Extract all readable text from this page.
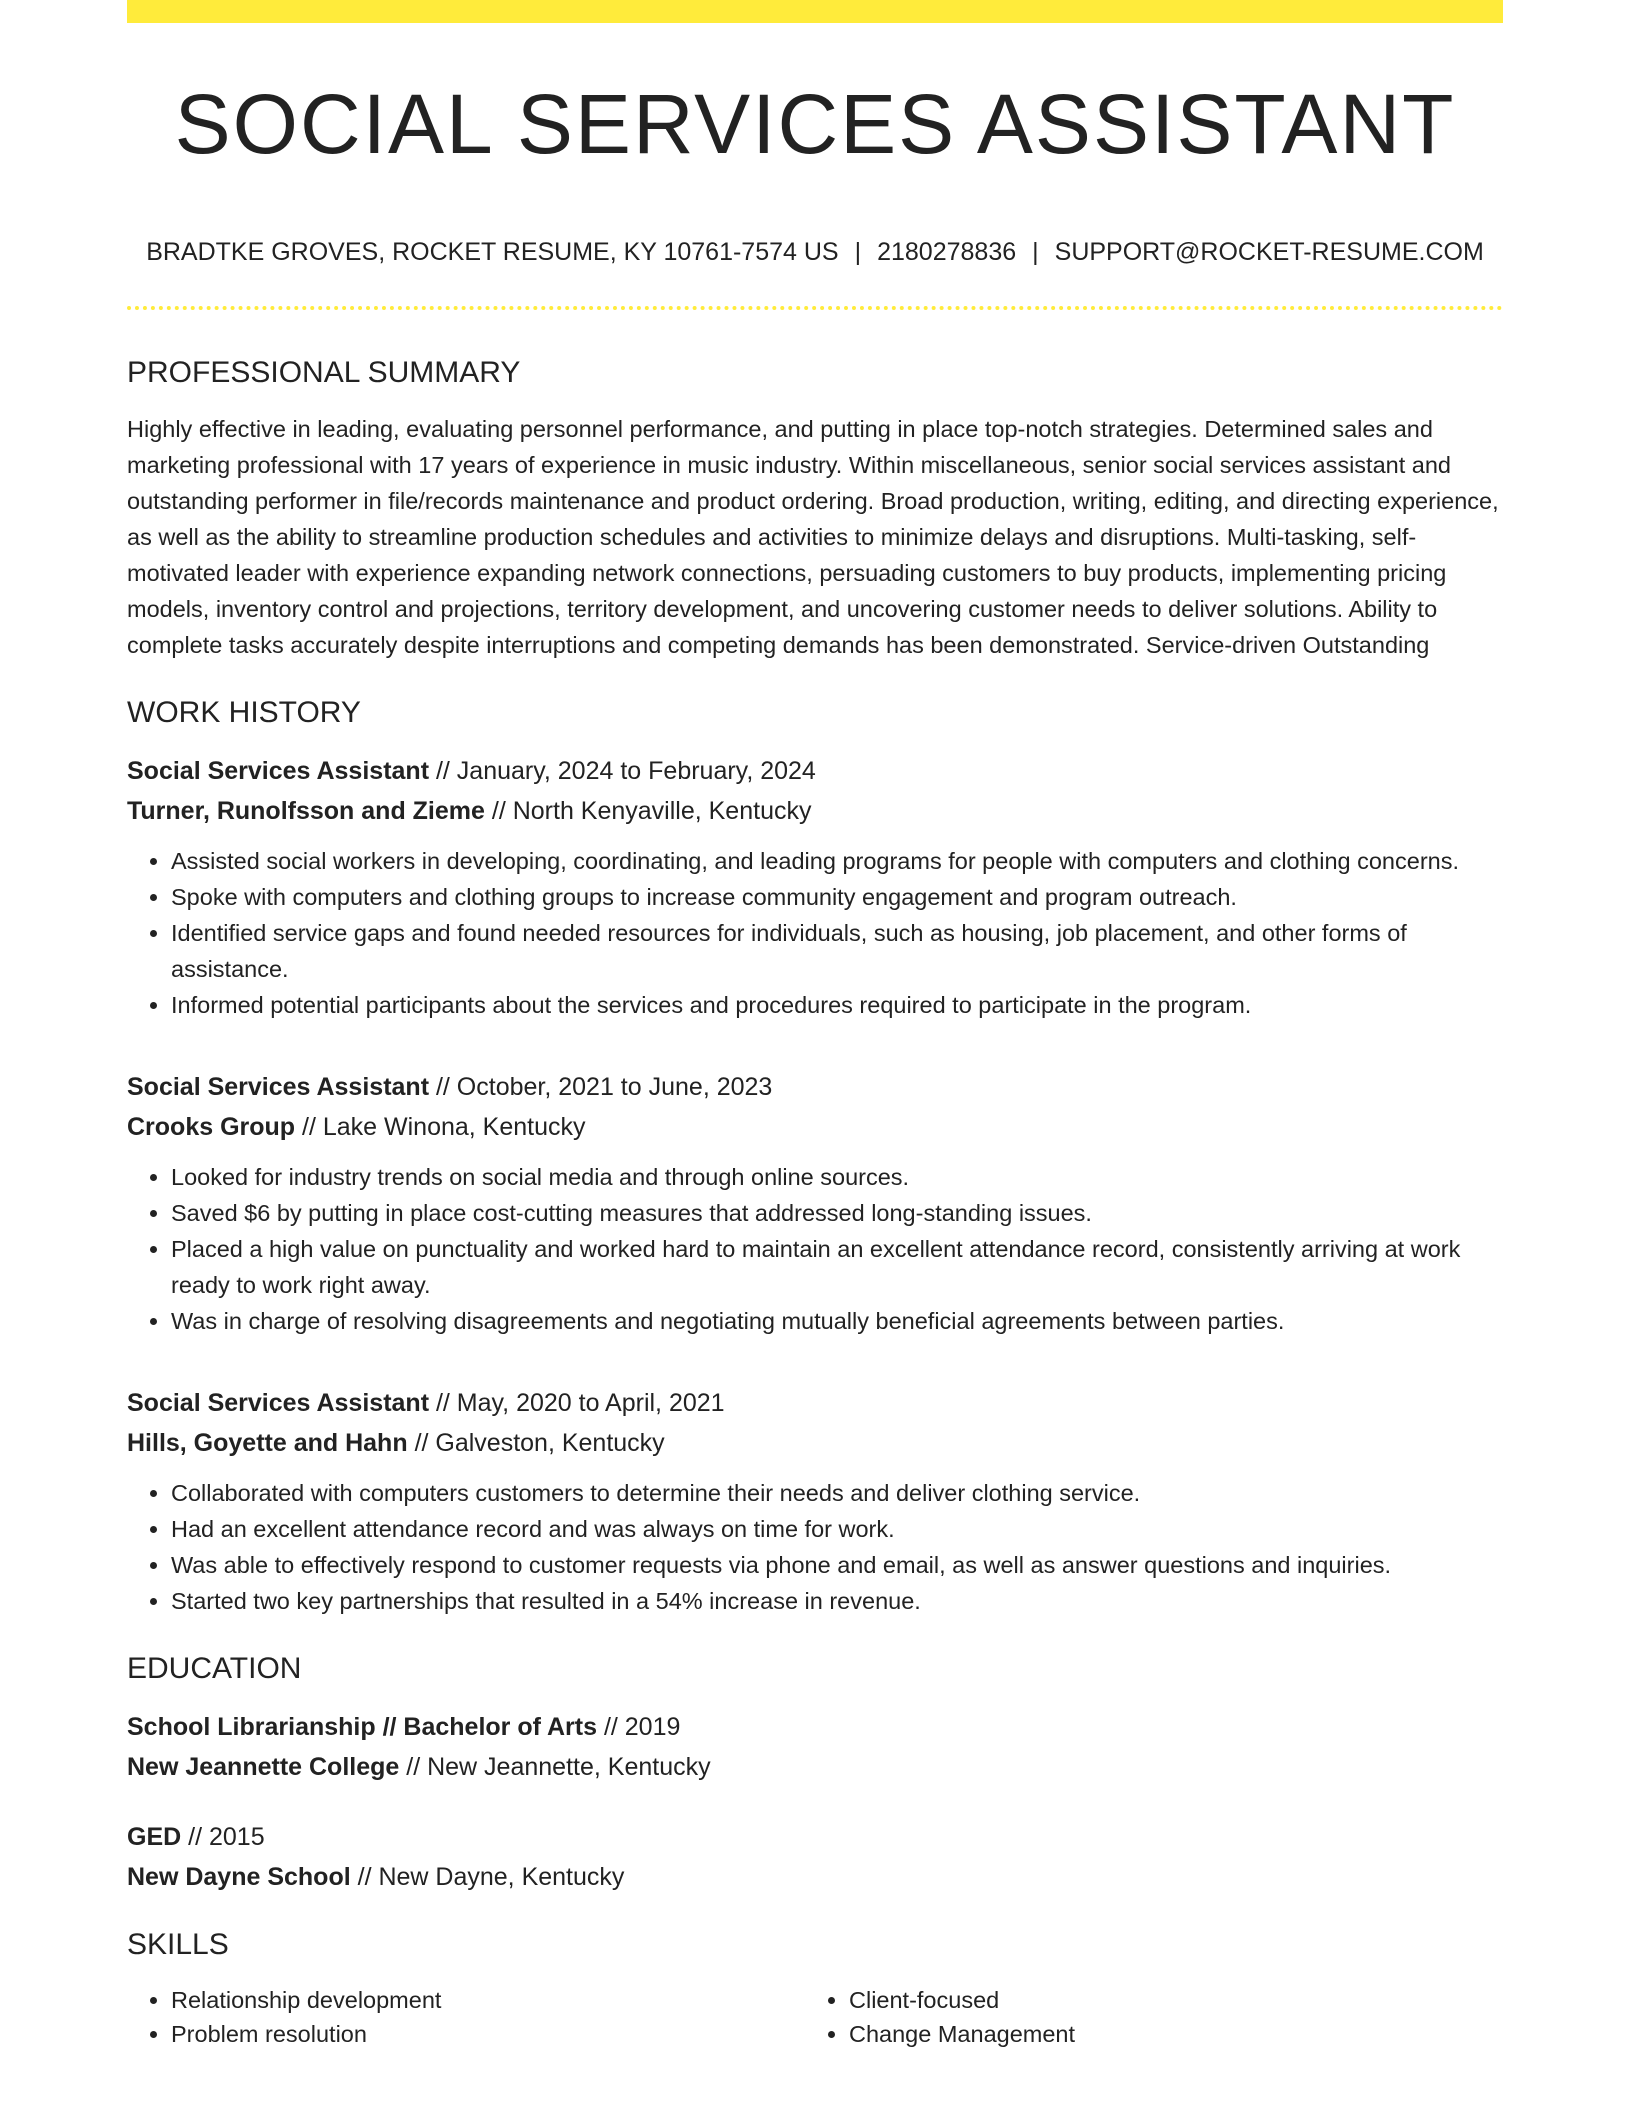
SOCIAL SERVICES ASSISTANT
BRADTKE GROVES, ROCKET RESUME, KY 10761-7574 US | 2180278836 | SUPPORT@ROCKET-RESUME.COM
PROFESSIONAL SUMMARY

Highly effective in leading, evaluating personnel performance, and putting in place top-notch strategies. Determined sales and marketing professional with 17 years of experience in music industry. Within miscellaneous, senior social services assistant and outstanding performer in file/records maintenance and product ordering. Broad production, writing, editing, and directing experience, as well as the ability to streamline production schedules and activities to minimize delays and disruptions. Multi-tasking, self-motivated leader with experience expanding network connections, persuading customers to buy products, implementing pricing models, inventory control and projections, territory development, and uncovering customer needs to deliver solutions. Ability to complete tasks accurately despite interruptions and competing demands has been demonstrated. Service-driven Outstanding

WORK HISTORY

Social Services Assistant // January, 2024 to February, 2024

Turner, Runolfsson and Zieme // North Kenyaville, Kentucky

• Assisted social workers in developing, coordinating, and leading programs for people with computers and clothing concerns.
• Spoke with computers and clothing groups to increase community engagement and program outreach.
• Identified service gaps and found needed resources for individuals, such as housing, job placement, and other forms of assistance.
• Informed potential participants about the services and procedures required to participate in the program.

Social Services Assistant // October, 2021 to June, 2023

Crooks Group // Lake Winona, Kentucky

• Looked for industry trends on social media and through online sources.
• Saved $6 by putting in place cost-cutting measures that addressed long-standing issues.
• Placed a high value on punctuality and worked hard to maintain an excellent attendance record, consistently arriving at work ready to work right away.
• Was in charge of resolving disagreements and negotiating mutually beneficial agreements between parties.

Social Services Assistant // May, 2020 to April, 2021

Hills, Goyette and Hahn // Galveston, Kentucky

• Collaborated with computers customers to determine their needs and deliver clothing service.
• Had an excellent attendance record and was always on time for work.
• Was able to effectively respond to customer requests via phone and email, as well as answer questions and inquiries.
• Started two key partnerships that resulted in a 54% increase in revenue.
EDUCATION

School Librarianship // Bachelor of Arts // 2019

New Jeannette College // New Jeannette, Kentucky

GED // 2015

New Dayne School // New Dayne, Kentucky

SKILLS
• Relationship development
• Problem resolution
• Client-focused
• Change Management
